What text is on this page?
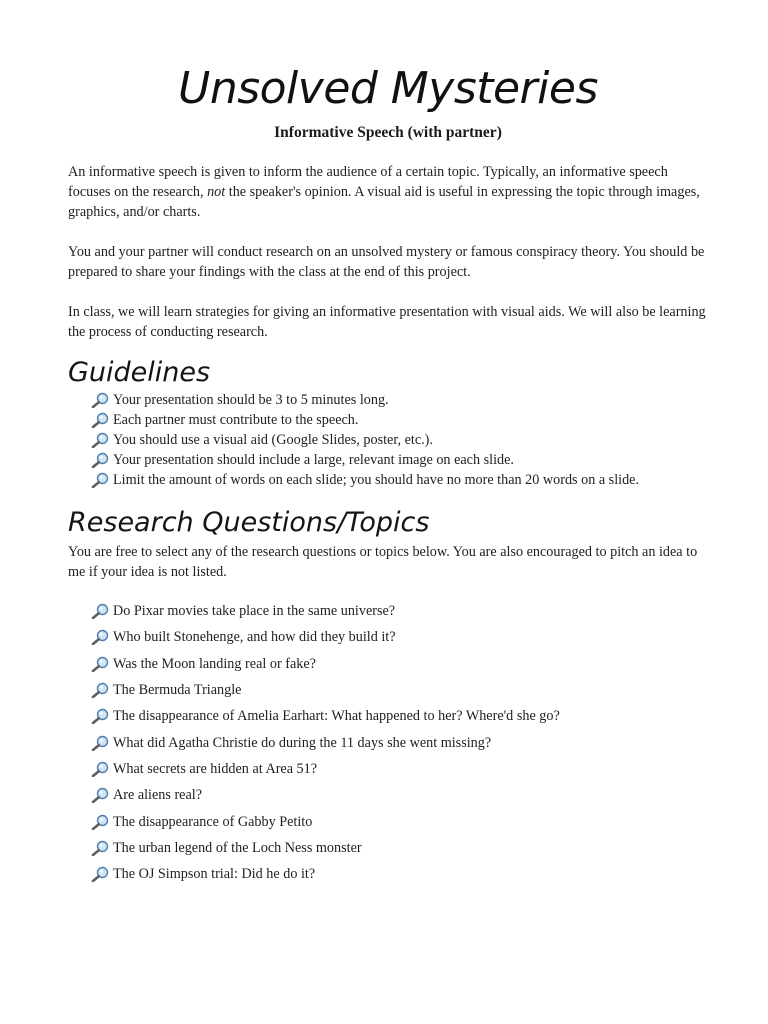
Unsolved Mysteries
Informative Speech (with partner)

An informative speech is given to inform the audience of a certain topic. Typically, an informative speech focuses on the research, not the speaker's opinion. A visual aid is useful in expressing the topic through images, graphics, and/or charts.

You and your partner will conduct research on an unsolved mystery or famous conspiracy theory. You should be prepared to share your findings with the class at the end of this project.

In class, we will learn strategies for giving an informative presentation with visual aids. We will also be learning the process of conducting research.

Guidelines
Your presentation should be 3 to 5 minutes long.
Each partner must contribute to the speech.
You should use a visual aid (Google Slides, poster, etc.).
Your presentation should include a large, relevant image on each slide.
Limit the amount of words on each slide; you should have no more than 20 words on a slide.
Research Questions/Topics

You are free to select any of the research questions or topics below. You are also encouraged to pitch an idea to me if your idea is not listed.

Do Pixar movies take place in the same universe?
Who built Stonehenge, and how did they build it?
Was the Moon landing real or fake?
The Bermuda Triangle
The disappearance of Amelia Earhart: What happened to her? Where'd she go?
What did Agatha Christie do during the 11 days she went missing?
What secrets are hidden at Area 51?
Are aliens real?
The disappearance of Gabby Petito
The urban legend of the Loch Ness monster
The OJ Simpson trial: Did he do it?
